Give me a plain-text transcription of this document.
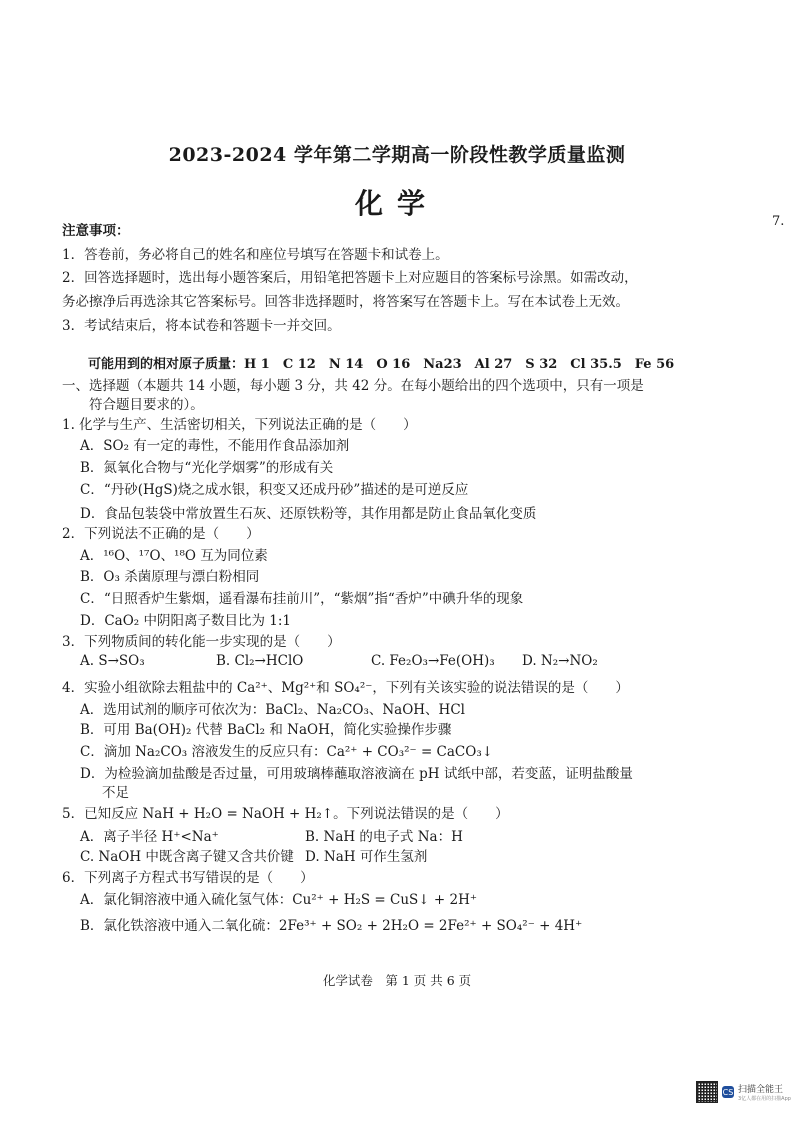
2023-2024 学年第二学期高一阶段性教学质量监测
化学
7.
注意事项：
1．答卷前，务必将自己的姓名和座位号填写在答题卡和试卷上。
2．回答选择题时，选出每小题答案后，用铅笔把答题卡上对应题目的答案标号涂黑。如需改动，
务必擦净后再选涂其它答案标号。回答非选择题时，将答案写在答题卡上。写在本试卷上无效。
3．考试结束后，将本试卷和答题卡一并交回。
可能用到的相对原子质量：H 1　C 12　N 14　O 16　Na23　Al 27　S 32　Cl 35.5　Fe 56
一、选择题（本题共 14 小题，每小题 3 分，共 42 分。在每小题给出的四个选项中，只有一项是
符合题目要求的）。
1. 化学与生产、生活密切相关，下列说法正确的是（　　）
A．SO₂ 有一定的毒性，不能用作食品添加剂
B．氮氧化合物与“光化学烟雾”的形成有关
C．“丹砂(HgS)烧之成水银，积变又还成丹砂”描述的是可逆反应
D．食品包装袋中常放置生石灰、还原铁粉等，其作用都是防止食品氧化变质
2．下列说法不正确的是（　　）
A．¹⁶O、¹⁷O、¹⁸O 互为同位素
B．O₃ 杀菌原理与漂白粉相同
C．“日照香炉生紫烟，遥看瀑布挂前川”，“紫烟”指“香炉”中碘升华的现象
D．CaO₂ 中阴阳离子数目比为 1:1
3．下列物质间的转化能一步实现的是（　　）
A. S→SO₃	B. Cl₂→HClO	C. Fe₂O₃→Fe(OH)₃ D. N₂→NO₂
4．实验小组欲除去粗盐中的 Ca²⁺、Mg²⁺和 SO₄²⁻，下列有关该实验的说法错误的是（　　）
A．选用试剂的顺序可依次为：BaCl₂、Na₂CO₃、NaOH、HCl
B．可用 Ba(OH)₂ 代替 BaCl₂ 和 NaOH，简化实验操作步骤
C．滴加 Na₂CO₃ 溶液发生的反应只有：Ca²⁺ + CO₃²⁻ = CaCO₃↓
D．为检验滴加盐酸是否过量，可用玻璃棒蘸取溶液滴在 pH 试纸中部，若变蓝，证明盐酸量
不足
5．已知反应 NaH + H₂O = NaOH + H₂↑。下列说法错误的是（　　）
A．离子半径 H⁺<Na⁺	B. NaH 的电子式 Na：H
C. NaOH 中既含离子键又含共价键 D. NaH 可作生氢剂
6．下列离子方程式书写错误的是（　　）
A．氯化铜溶液中通入硫化氢气体：Cu²⁺ + H₂S = CuS↓ + 2H⁺
B．氯化铁溶液中通入二氧化硫：2Fe³⁺ + SO₂ + 2H₂O = 2Fe²⁺ + SO₄²⁻ + 4H⁺
化学试卷　第 1 页 共 6 页
CS 扫描全能王
3亿人都在用的扫描App
